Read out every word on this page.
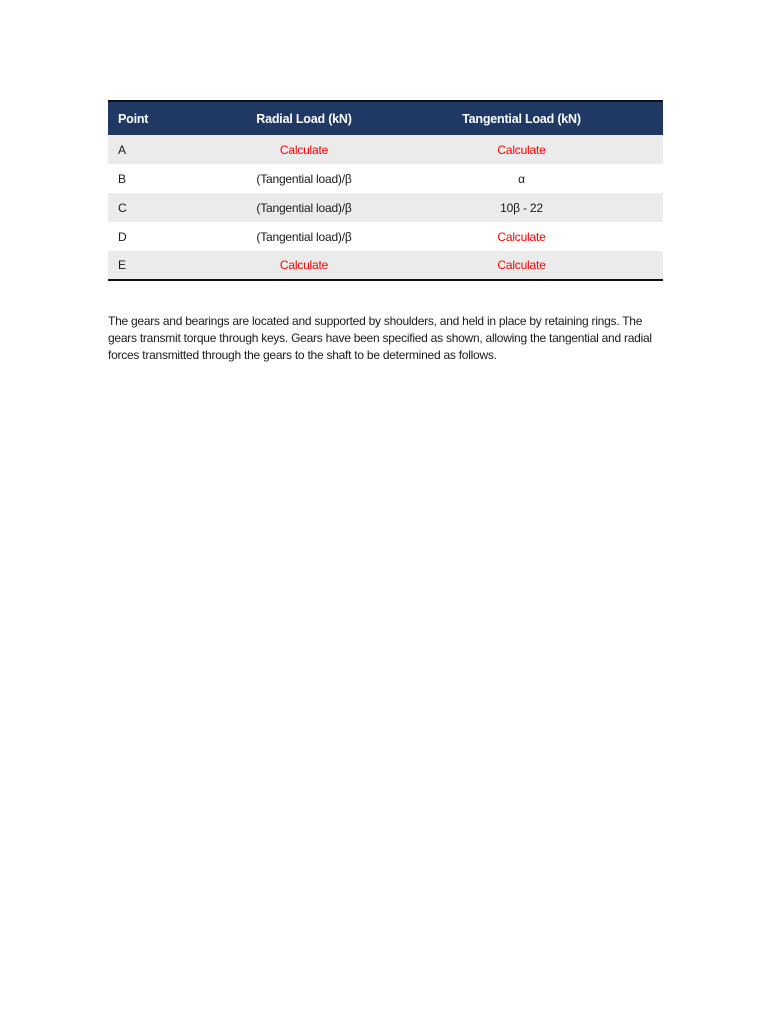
Point	Radial Load (kN)	Tangential Load (kN)
A	Calculate	Calculate
B	(Tangential load)/β	α
C	(Tangential load)/β	10β - 22
D	(Tangential load)/β	Calculate
E	Calculate	Calculate

The gears and bearings are located and supported by shoulders, and held in place by retaining rings. The gears transmit torque through keys. Gears have been specified as shown, allowing the tangential and radial forces transmitted through the gears to the shaft to be determined as follows.
